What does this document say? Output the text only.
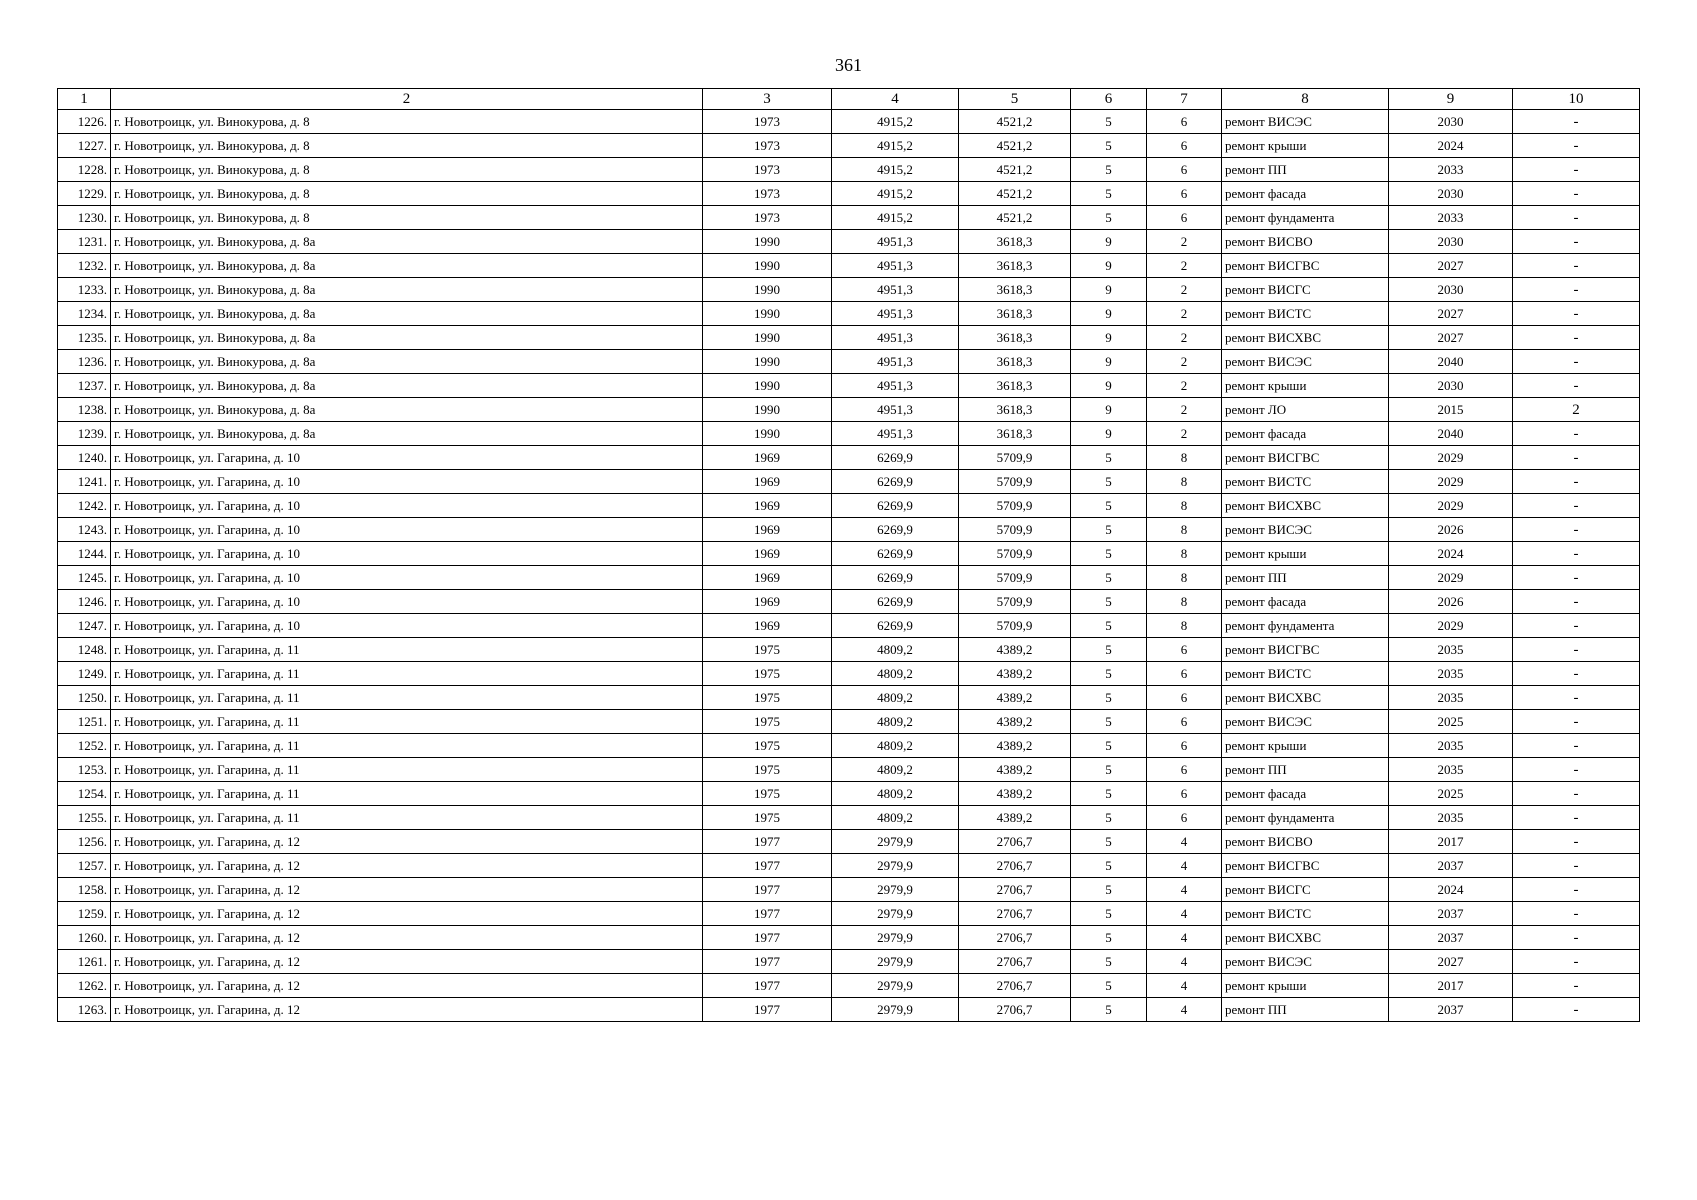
361
1	2	3	4	5	6	7	8	9	10
1226.	г. Новотроицк, ул. Винокурова, д. 8	1973	4915,2	4521,2	5	6	ремонт ВИСЭС	2030	-
1227.	г. Новотроицк, ул. Винокурова, д. 8	1973	4915,2	4521,2	5	6	ремонт крыши	2024	-
1228.	г. Новотроицк, ул. Винокурова, д. 8	1973	4915,2	4521,2	5	6	ремонт ПП	2033	-
1229.	г. Новотроицк, ул. Винокурова, д. 8	1973	4915,2	4521,2	5	6	ремонт фасада	2030	-
1230.	г. Новотроицк, ул. Винокурова, д. 8	1973	4915,2	4521,2	5	6	ремонт фундамента	2033	-
1231.	г. Новотроицк, ул. Винокурова, д. 8а	1990	4951,3	3618,3	9	2	ремонт ВИСВО	2030	-
1232.	г. Новотроицк, ул. Винокурова, д. 8а	1990	4951,3	3618,3	9	2	ремонт ВИСГВС	2027	-
1233.	г. Новотроицк, ул. Винокурова, д. 8а	1990	4951,3	3618,3	9	2	ремонт ВИСГС	2030	-
1234.	г. Новотроицк, ул. Винокурова, д. 8а	1990	4951,3	3618,3	9	2	ремонт ВИСТС	2027	-
1235.	г. Новотроицк, ул. Винокурова, д. 8а	1990	4951,3	3618,3	9	2	ремонт ВИСХВС	2027	-
1236.	г. Новотроицк, ул. Винокурова, д. 8а	1990	4951,3	3618,3	9	2	ремонт ВИСЭС	2040	-
1237.	г. Новотроицк, ул. Винокурова, д. 8а	1990	4951,3	3618,3	9	2	ремонт крыши	2030	-
1238.	г. Новотроицк, ул. Винокурова, д. 8а	1990	4951,3	3618,3	9	2	ремонт ЛО	2015	2
1239.	г. Новотроицк, ул. Винокурова, д. 8а	1990	4951,3	3618,3	9	2	ремонт фасада	2040	-
1240.	г. Новотроицк, ул. Гагарина, д. 10	1969	6269,9	5709,9	5	8	ремонт ВИСГВС	2029	-
1241.	г. Новотроицк, ул. Гагарина, д. 10	1969	6269,9	5709,9	5	8	ремонт ВИСТС	2029	-
1242.	г. Новотроицк, ул. Гагарина, д. 10	1969	6269,9	5709,9	5	8	ремонт ВИСХВС	2029	-
1243.	г. Новотроицк, ул. Гагарина, д. 10	1969	6269,9	5709,9	5	8	ремонт ВИСЭС	2026	-
1244.	г. Новотроицк, ул. Гагарина, д. 10	1969	6269,9	5709,9	5	8	ремонт крыши	2024	-
1245.	г. Новотроицк, ул. Гагарина, д. 10	1969	6269,9	5709,9	5	8	ремонт ПП	2029	-
1246.	г. Новотроицк, ул. Гагарина, д. 10	1969	6269,9	5709,9	5	8	ремонт фасада	2026	-
1247.	г. Новотроицк, ул. Гагарина, д. 10	1969	6269,9	5709,9	5	8	ремонт фундамента	2029	-
1248.	г. Новотроицк, ул. Гагарина, д. 11	1975	4809,2	4389,2	5	6	ремонт ВИСГВС	2035	-
1249.	г. Новотроицк, ул. Гагарина, д. 11	1975	4809,2	4389,2	5	6	ремонт ВИСТС	2035	-
1250.	г. Новотроицк, ул. Гагарина, д. 11	1975	4809,2	4389,2	5	6	ремонт ВИСХВС	2035	-
1251.	г. Новотроицк, ул. Гагарина, д. 11	1975	4809,2	4389,2	5	6	ремонт ВИСЭС	2025	-
1252.	г. Новотроицк, ул. Гагарина, д. 11	1975	4809,2	4389,2	5	6	ремонт крыши	2035	-
1253.	г. Новотроицк, ул. Гагарина, д. 11	1975	4809,2	4389,2	5	6	ремонт ПП	2035	-
1254.	г. Новотроицк, ул. Гагарина, д. 11	1975	4809,2	4389,2	5	6	ремонт фасада	2025	-
1255.	г. Новотроицк, ул. Гагарина, д. 11	1975	4809,2	4389,2	5	6	ремонт фундамента	2035	-
1256.	г. Новотроицк, ул. Гагарина, д. 12	1977	2979,9	2706,7	5	4	ремонт ВИСВО	2017	-
1257.	г. Новотроицк, ул. Гагарина, д. 12	1977	2979,9	2706,7	5	4	ремонт ВИСГВС	2037	-
1258.	г. Новотроицк, ул. Гагарина, д. 12	1977	2979,9	2706,7	5	4	ремонт ВИСГС	2024	-
1259.	г. Новотроицк, ул. Гагарина, д. 12	1977	2979,9	2706,7	5	4	ремонт ВИСТС	2037	-
1260.	г. Новотроицк, ул. Гагарина, д. 12	1977	2979,9	2706,7	5	4	ремонт ВИСХВС	2037	-
1261.	г. Новотроицк, ул. Гагарина, д. 12	1977	2979,9	2706,7	5	4	ремонт ВИСЭС	2027	-
1262.	г. Новотроицк, ул. Гагарина, д. 12	1977	2979,9	2706,7	5	4	ремонт крыши	2017	-
1263.	г. Новотроицк, ул. Гагарина, д. 12	1977	2979,9	2706,7	5	4	ремонт ПП	2037	-
